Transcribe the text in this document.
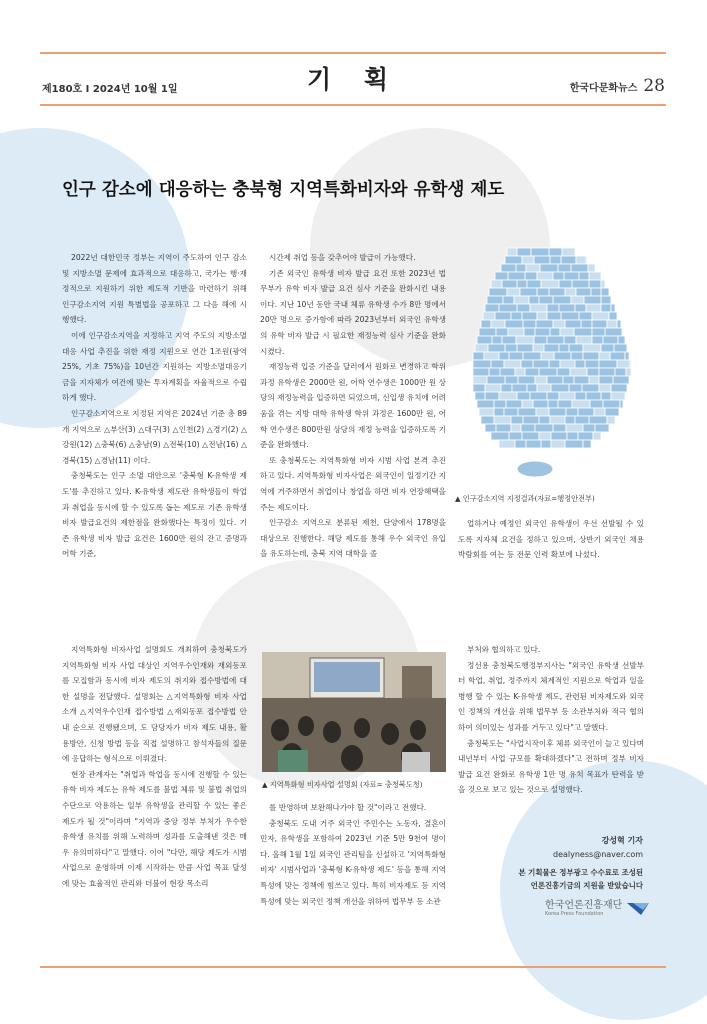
제180호 I 2024년 10월 1일	기 획	한국다문화뉴스 28
인구 감소에 대응하는 충북형 지역특화비자와 유학생 제도

2022년 대한민국 정부는 지역이 주도하여 인구 감소 및 지방소멸 문제에 효과적으로 대응하고, 국가는 행·재정적으로 지원하기 위한 제도적 기반을 마련하기 위해 인구감소지역 지원 특별법을 공포하고 그 다음 해에 시행했다.

이에 인구감소지역을 지정하고 지역 주도의 지방소멸 대응 사업 추진을 위한 재정 지원으로 연간 1조원(광역 25%, 기초 75%)을 10년간 지원하는 지방소멸대응기금을 지자체가 여건에 맞는 투자계획을 자율적으로 수립하게 했다.

인구감소지역으로 지정된 지역은 2024년 기준 총 89개 지역으로 △부산(3) △대구(3) △인천(2) △경기(2) △강원(12) △충북(6) △충남(9) △전북(10) △전남(16) △경북(15) △경남(11) 이다.

충청북도는 인구 소멸 대안으로 '충북형 K-유학생 제도'를 추진하고 있다. K-유학생 제도란 유학생들이 학업과 취업을 동시에 할 수 있도록 돕는 제도로 기존 유학생 비자 발급요건의 제한점을 완화했다는 특징이 있다. 기존 유학생 비자 발급 요건은 1600만 원의 잔고 증명과 어학 기준,

시간제 취업 등을 갖추어야 발급이 가능했다.

기존 외국인 유학생 비자 발급 요건 또한 2023년 법무부가 유학 비자 발급 요건 심사 기준을 완화시킨 내용이다. 지난 10년 동안 국내 체류 유학생 수가 8만 명에서 20만 명으로 증가함에 따라 2023년부터 외국인 유학생의 유학 비자 발급 시 필요한 재정능력 심사 기준을 완화 시켰다.

재정능력 입증 기준을 달러에서 원화로 변경하고 학위 과정 유학생은 2000만 원, 어학 연수생은 1000만 원 상당의 재정능력을 입증하면 되었으며, 신입생 유치에 어려움을 겪는 지방 대학 유학생 학위 과정은 1600만 원, 어학 연수생은 800만원 상당의 재정 능력을 입증하도록 기준을 완화했다.

또 충청북도는 지역특화형 비자 시범 사업 본격 추진하고 있다. 지역특화형 비자사업은 외국인이 일정기간 지역에 거주하면서 취업이나 창업을 하면 비자 연장혜택을 주는 제도이다.

인구감소 지역으로 분류된 제천, 단양에서 178명을 대상으로 진행한다. 해당 제도를 통해 우수 외국인 유입을 유도하는데, 충북 지역 대학을 졸

▲ 인구감소지역 지정결과(자료=행정안전부)

업하거나 예정인 외국인 유학생이 우선 선발될 수 있도록 지자체 요건을 정하고 있으며, 상반기 외국인 채용박람회를 여는 등 전문 인력 확보에 나섰다.

지역특화형 비자사업 설명회도 개최하여 충청북도가 지역특화형 비자 사업 대상인 지역우수인재와 재외동포를 모집함과 동시에 비자 제도의 취지와 접수방법에 대한 설명을 전달했다. 설명회는 △지역특화형 비자 사업 소개 △지역우수인재 접수방법 △재외동포 접수방법 안내 순으로 진행됐으며, 도 담당자가 비자 제도 내용, 활용방안, 신청 방법 등을 직접 설명하고 참석자들의 질문에 응답하는 형식으로 이뤄졌다.

현장 관계자는 "취업과 학업을 동시에 진행할 수 있는 유학 비자 제도는 유학 제도를 불법 체류 및 불법 취업의 수단으로 악용하는 일부 유학생을 관리할 수 있는 좋은 제도가 될 것"이라며 "지역과 중앙 정부 부처가 우수한 유학생 유치를 위해 노력하며 성과를 도출해낸 것은 매우 유의미하다"고 말했다. 이어 "다만, 해당 제도가 시범 사업으로 운영하며 이제 시작하는 만큼 사업 목표 달성에 맞는 효율적인 관리와 더불어 현장 목소리

▲ 지역특화형 비자사업 설명회 (자료= 충청북도청)

를 반영하며 보완해나가야 할 것"이라고 전했다.

충청북도 도내 거주 외국인 주민수는 노동자, 결혼이민자, 유학생을 포함하여 2023년 기준 5만 9천여 명이다. 올해 1월 1일 외국인 관리팀을 신설하고 '지역특화형 비자' 시범사업과 '충북형 K-유학생 제도' 등을 통해 지역 특성에 맞는 정책에 힘쓰고 있다. 특히 비자제도 등 지역 특성에 맞는 외국인 정책 개선을 위하여 법무부 등 소관

부처와 협의하고 있다.

정선용 충청북도행정부지사는 "외국인 유학생 선발부터 학업, 취업, 정주까지 체계적인 지원으로 학업과 일을 병행 할 수 있는 K-유학생 제도, 관련된 비자제도와 외국인 정책의 개선을 위해 법무부 등 소관부처와 적극 협의하여 의미있는 성과를 거두고 있다"고 말했다.

충청북도는 "사업시작이후 체류 외국인이 늘고 있다며 내년부터 사업 규모를 확대하겠다"고 전하며 정부 비자 발급 요건 완화로 유학생 1만 명 유치 목표가 탄력을 받을 것으로 보고 있는 것으로 설명했다.

강성혁 기자
dealyness@naver.com
본 기획물은 정부광고 수수료로 조성된
언론진흥기금의 지원을 받았습니다
한국언론진흥재단
Korea Press Foundation
